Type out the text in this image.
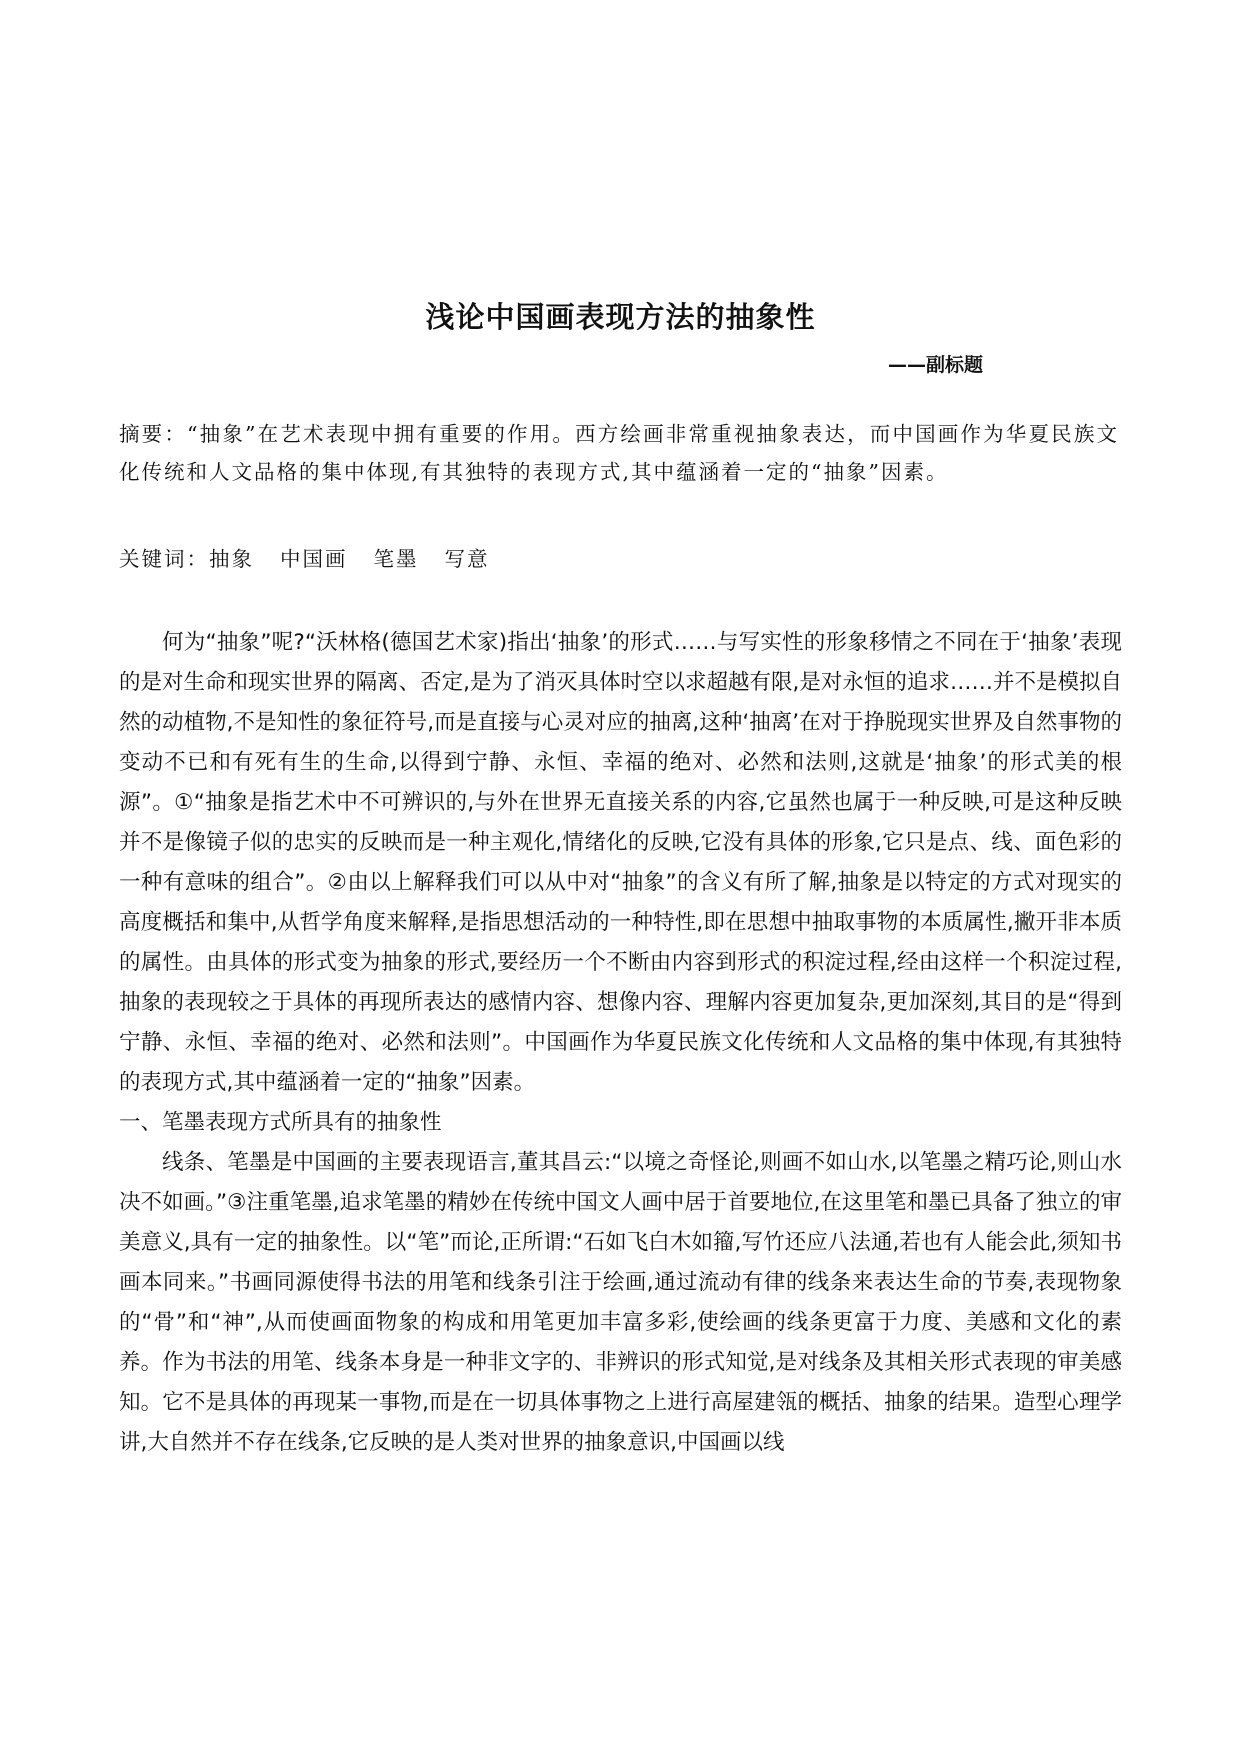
浅论中国画表现方法的抽象性
——副标题

摘要：“抽象”在艺术表现中拥有重要的作用。西方绘画非常重视抽象表达，而中国画作为华夏民族文化传统和人文品格的集中体现,有其独特的表现方式,其中蕴涵着一定的“抽象”因素。

关键词：抽象 中国画 笔墨 写意

何为“抽象”呢?“沃林格(德国艺术家)指出‘抽象’的形式……与写实性的形象移情之不同在于‘抽象’表现的是对生命和现实世界的隔离、否定,是为了消灭具体时空以求超越有限,是对永恒的追求……并不是模拟自然的动植物,不是知性的象征符号,而是直接与心灵对应的抽离,这种‘抽离’在对于挣脱现实世界及自然事物的变动不已和有死有生的生命,以得到宁静、永恒、幸福的绝对、必然和法则,这就是‘抽象’的形式美的根源”。①“抽象是指艺术中不可辨识的,与外在世界无直接关系的内容,它虽然也属于一种反映,可是这种反映并不是像镜子似的忠实的反映而是一种主观化,情绪化的反映,它没有具体的形象,它只是点、线、面色彩的一种有意味的组合”。②由以上解释我们可以从中对“抽象”的含义有所了解,抽象是以特定的方式对现实的高度概括和集中,从哲学角度来解释,是指思想活动的一种特性,即在思想中抽取事物的本质属性,撇开非本质的属性。由具体的形式变为抽象的形式,要经历一个不断由内容到形式的积淀过程,经由这样一个积淀过程,抽象的表现较之于具体的再现所表达的感情内容、想像内容、理解内容更加复杂,更加深刻,其目的是“得到宁静、永恒、幸福的绝对、必然和法则”。中国画作为华夏民族文化传统和人文品格的集中体现,有其独特的表现方式,其中蕴涵着一定的“抽象”因素。

一、笔墨表现方式所具有的抽象性

线条、笔墨是中国画的主要表现语言,董其昌云:“以境之奇怪论,则画不如山水,以笔墨之精巧论,则山水决不如画。”③注重笔墨,追求笔墨的精妙在传统中国文人画中居于首要地位,在这里笔和墨已具备了独立的审美意义,具有一定的抽象性。以“笔”而论,正所谓:“石如飞白木如籀,写竹还应八法通,若也有人能会此,须知书画本同来。”书画同源使得书法的用笔和线条引注于绘画,通过流动有律的线条来表达生命的节奏,表现物象的“骨”和“神”,从而使画面物象的构成和用笔更加丰富多彩,使绘画的线条更富于力度、美感和文化的素养。作为书法的用笔、线条本身是一种非文字的、非辨识的形式知觉,是对线条及其相关形式表现的审美感知。它不是具体的再现某一事物,而是在一切具体事物之上进行高屋建瓴的概括、抽象的结果。造型心理学讲,大自然并不存在线条,它反映的是人类对世界的抽象意识,中国画以线
